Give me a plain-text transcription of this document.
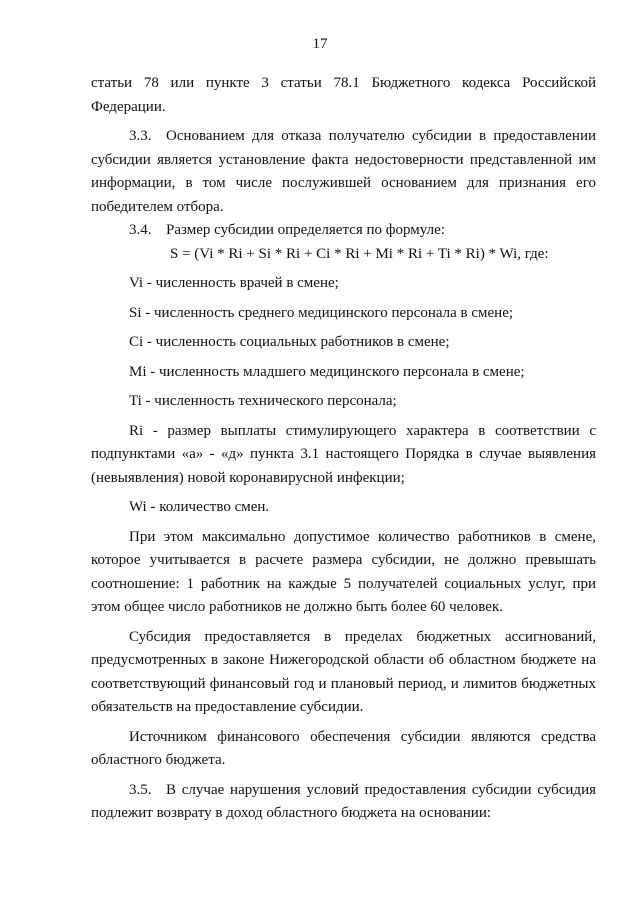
17

статьи 78 или пункте 3 статьи 78.1 Бюджетного кодекса Российской Федерации.

3.3. Основанием для отказа получателю субсидии в предоставлении субсидии является установление факта недостоверности представленной им информации, в том числе послужившей основанием для признания его победителем отбора.

3.4. Размер субсидии определяется по формуле:

S = (Vi * Ri + Si * Ri + Ci * Ri + Mi * Ri + Ti * Ri) * Wi, где:

Vi - численность врачей в смене;

Si - численность среднего медицинского персонала в смене;

Ci - численность социальных работников в смене;

Mi - численность младшего медицинского персонала в смене;

Ti - численность технического персонала;

Ri - размер выплаты стимулирующего характера в соответствии с подпунктами «а» - «д» пункта 3.1 настоящего Порядка в случае выявления (невыявления) новой коронавирусной инфекции;

Wi - количество смен.

При этом максимально допустимое количество работников в смене, которое учитывается в расчете размера субсидии, не должно превышать соотношение: 1 работник на каждые 5 получателей социальных услуг, при этом общее число работников не должно быть более 60 человек.

Субсидия предоставляется в пределах бюджетных ассигнований, предусмотренных в законе Нижегородской области об областном бюджете на соответствующий финансовый год и плановый период, и лимитов бюджетных обязательств на предоставление субсидии.

Источником финансового обеспечения субсидии являются средства областного бюджета.

3.5. В случае нарушения условий предоставления субсидии субсидия подлежит возврату в доход областного бюджета на основании:
